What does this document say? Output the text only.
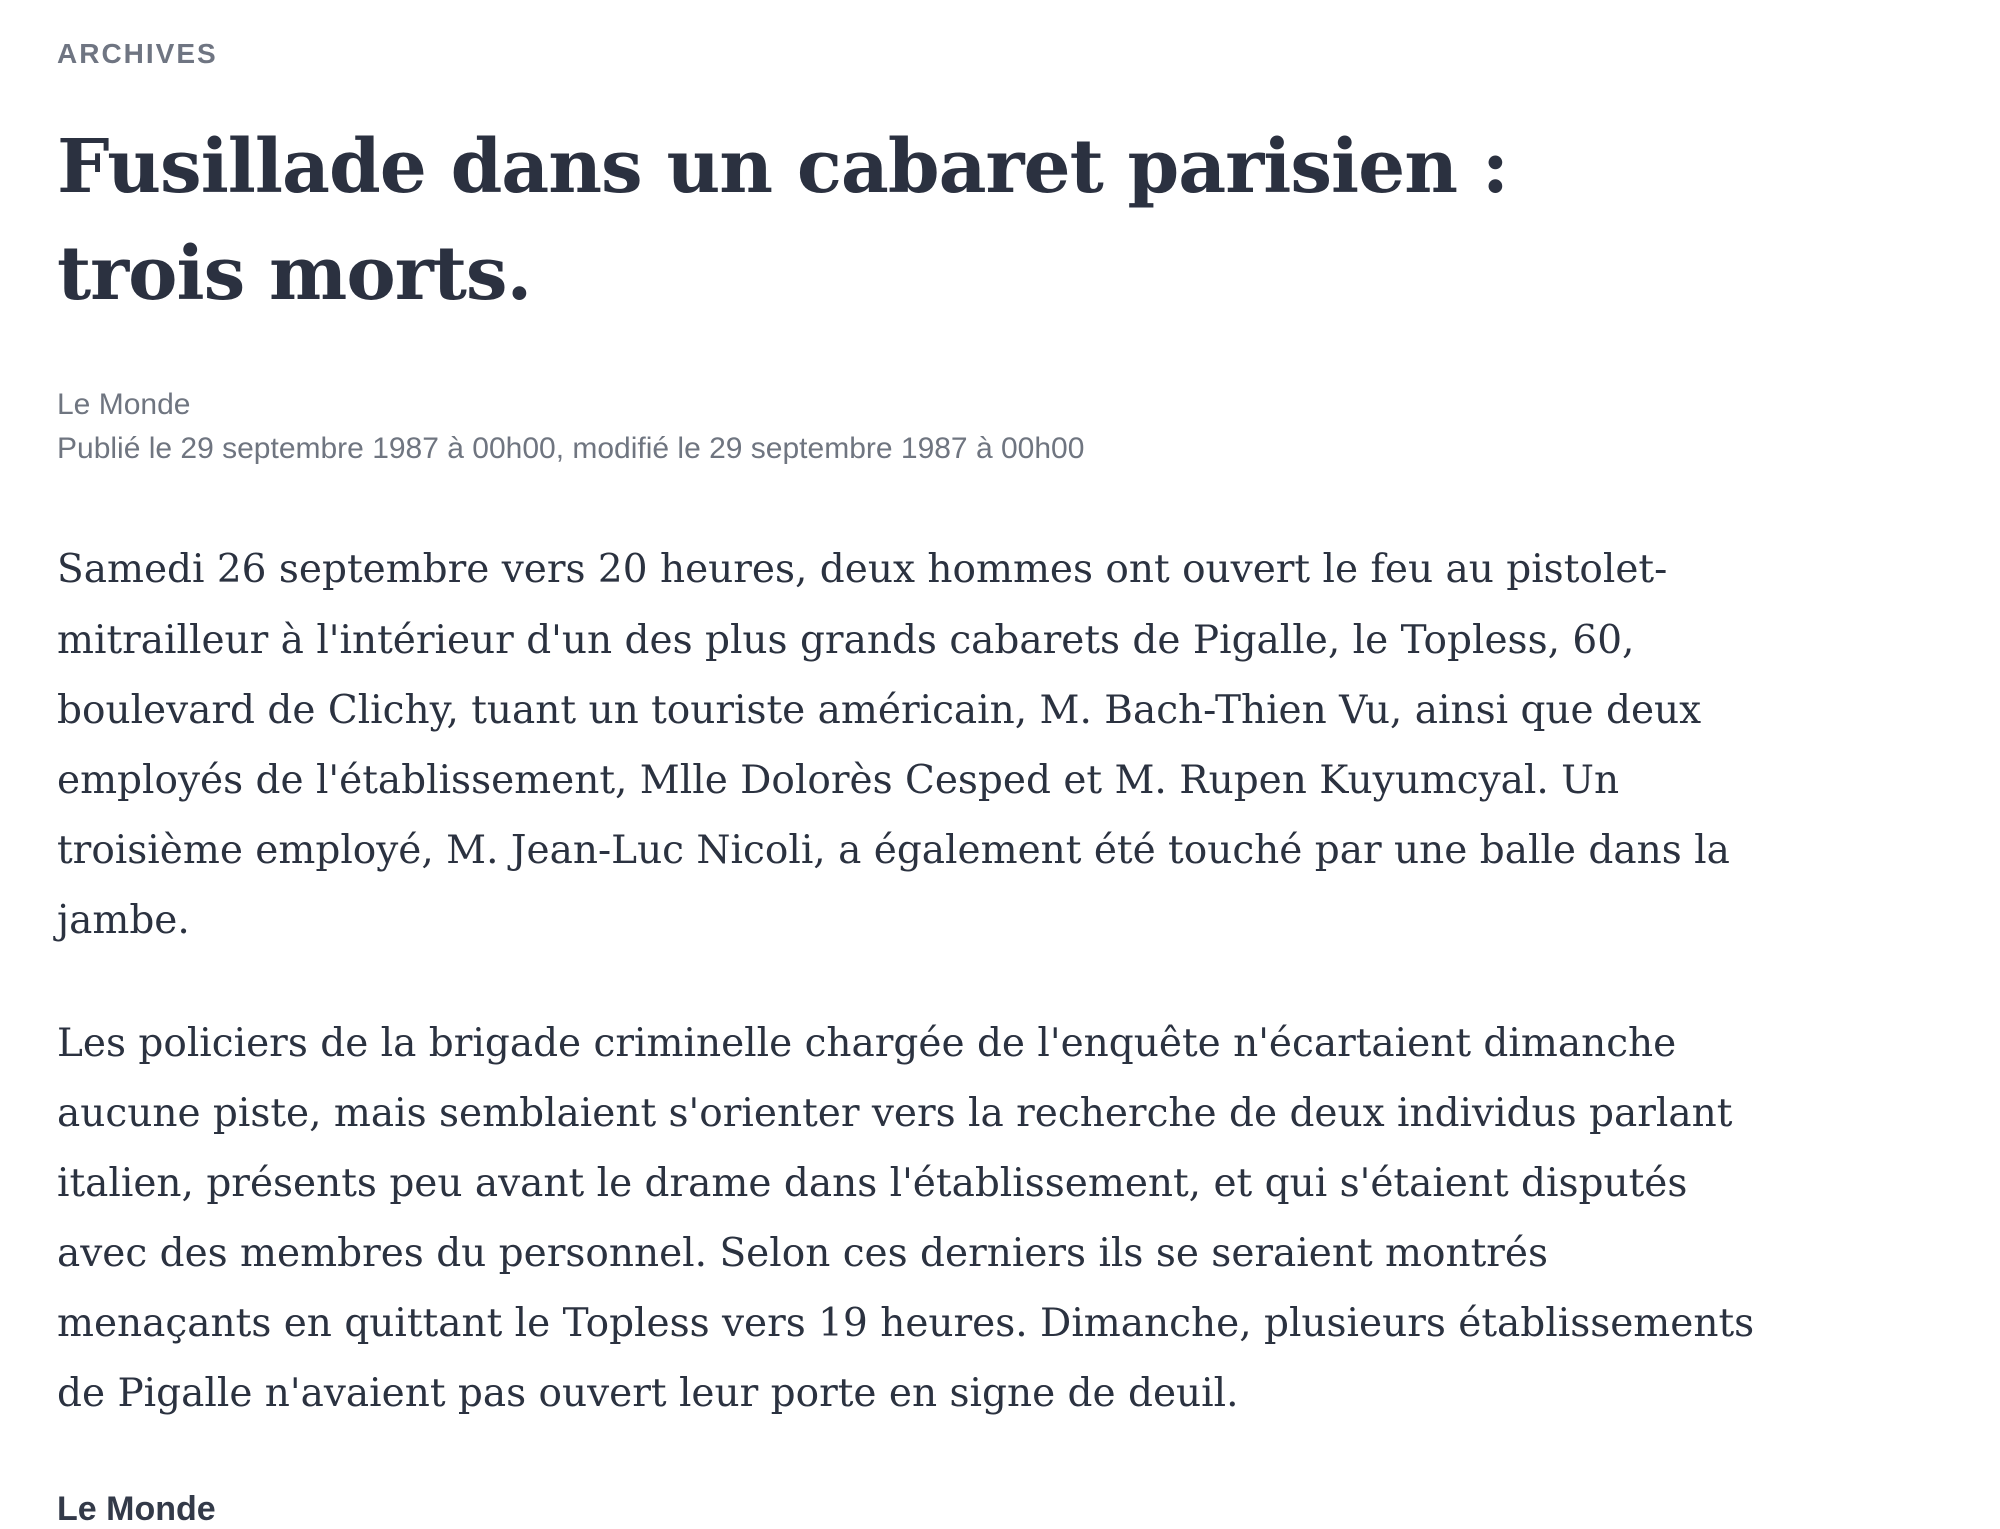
ARCHIVES
Fusillade dans un cabaret parisien : trois morts.
Le Monde
Publié le 29 septembre 1987 à 00h00, modifié le 29 septembre 1987 à 00h00

Samedi 26 septembre vers 20 heures, deux hommes ont ouvert le feu au pistolet-mitrailleur à l'intérieur d'un des plus grands cabarets de Pigalle, le Topless, 60, boulevard de Clichy, tuant un touriste américain, M. Bach-Thien Vu, ainsi que deux employés de l'établissement, Mlle Dolorès Cesped et M. Rupen Kuyumcyal. Un troisième employé, M. Jean-Luc Nicoli, a également été touché par une balle dans la jambe.

Les policiers de la brigade criminelle chargée de l'enquête n'écartaient dimanche aucune piste, mais semblaient s'orienter vers la recherche de deux individus parlant italien, présents peu avant le drame dans l'établissement, et qui s'étaient disputés avec des membres du personnel. Selon ces derniers ils se seraient montrés menaçants en quittant le Topless vers 19 heures. Dimanche, plusieurs établissements de Pigalle n'avaient pas ouvert leur porte en signe de deuil.

Le Monde
